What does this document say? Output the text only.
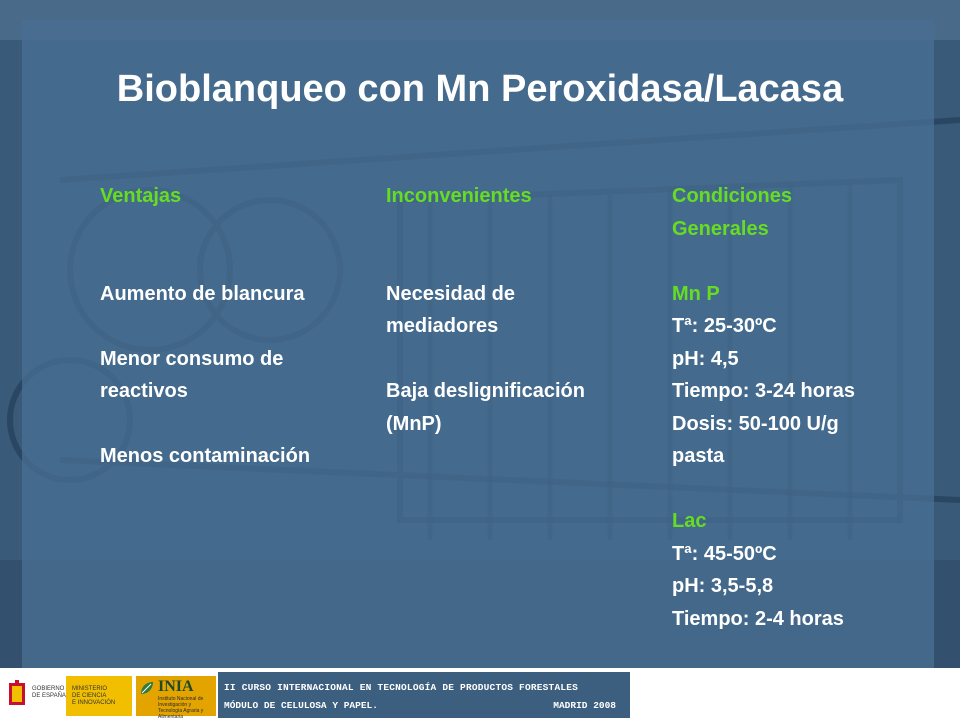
Bioblanqueo con Mn Peroxidasa/Lacasa
Ventajas
Aumento de blancura
Menor consumo de
reactivos
Menos contaminación
Inconvenientes
Necesidad de
mediadores
Baja deslignificación
(MnP)
Condiciones
Generales
Mn P
Tª: 25-30ºC
pH: 4,5
Tiempo: 3-24 horas
Dosis: 50-100 U/g
pasta
Lac
Tª: 45-50ºC
pH: 3,5-5,8
Tiempo: 2-4 horas
GOBIERNO
DE ESPAÑA
MINISTERIO
DE CIENCIA
E INNOVACIÓN
INIA
Instituto Nacional de Investigación y Tecnología Agraria y Alimentaria
II CURSO INTERNACIONAL EN TECNOLOGÍA DE PRODUCTOS FORESTALES
MÓDULO DE CELULOSA Y PAPEL.	MADRID 2008
